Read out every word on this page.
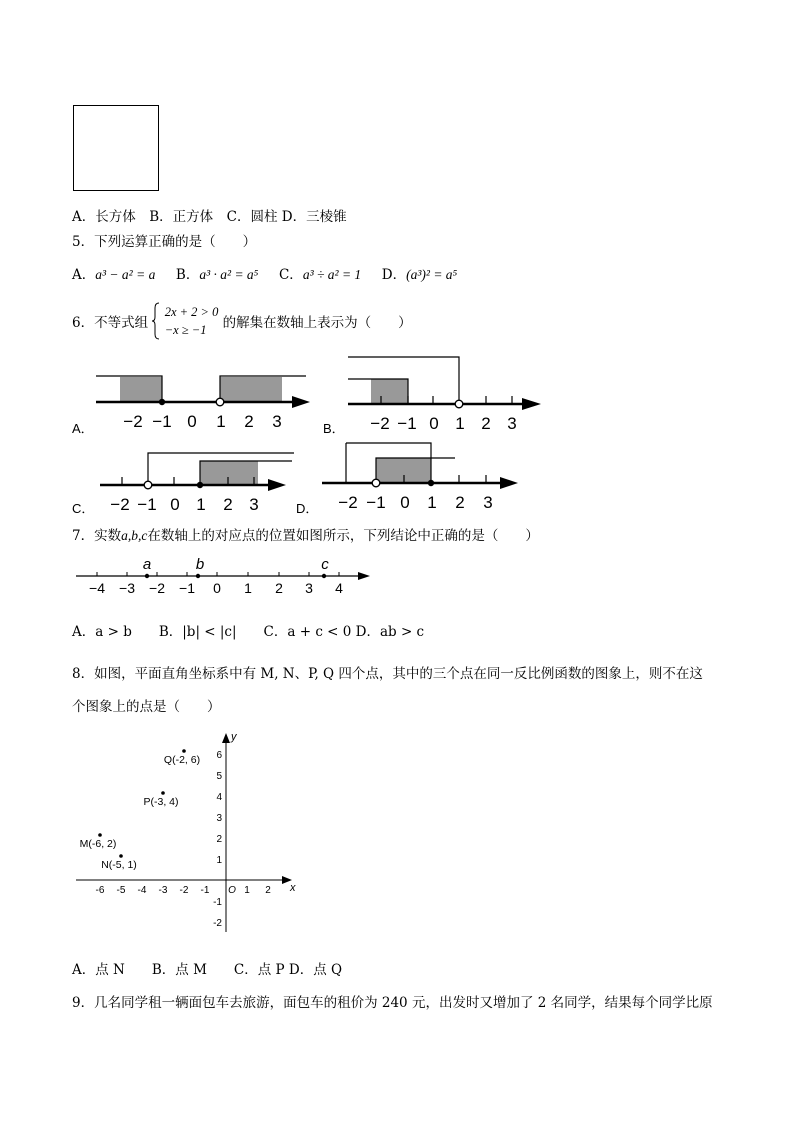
A．长方体　B．正方体　C．圆柱 D．三棱锥
5．下列运算正确的是（　　）
A．a³ − a² = a B．a³ · a² = a⁵ C．a³ ÷ a² = 1 D．(a³)² = a⁵
6．不等式组  2x + 2 > 0
−x ≥ −1 的解集在数轴上表示为（　　）
A．	B．
C．	D．
−2 −1 0 1 2 3	−2 −1 0 1 2 3
−2 −1 0 1 2 3	−2 −1 0 1 2 3
7．实数a,b,c在数轴上的对应点的位置如图所示，下列结论中正确的是（　　）
a	b	c
−4 −3 −2 −1 0 1 2 3 4
A．a > b　　B．|b| < |c|　　C．a + c < 0 D．ab > c
8．如图，平面直角坐标系中有 M, N、P, Q 四个点，其中的三个点在同一反比例函数的图象上，则不在这
个图象上的点是（　　）
x
y
-6 -5 -4 -3 -2 -1 O 1 2
6
5
4
3
2
1
-1
-2
Q(-2, 6)
P(-3, 4)
M(-6, 2)
N(-5, 1)
A．点 N　　B．点 M　　C．点 P D．点 Q
9．几名同学租一辆面包车去旅游，面包车的租价为 240 元，出发时又增加了 2 名同学，结果每个同学比原
